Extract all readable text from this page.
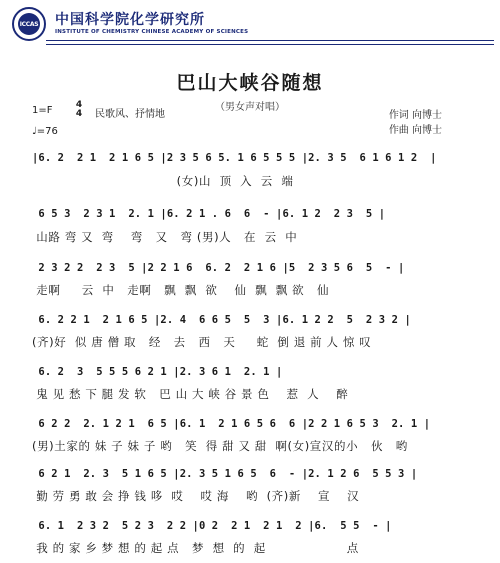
ICCAS 中国科学院化学研究所
INSTITUTE OF CHEMISTRY CHINESE ACADEMY OF SCIENCES
巴山大峡谷随想
（男女声对唱）
1=F	4
4 民歌风、抒情地
♩=76
作词 向博士
作曲 向博士
|6. 2  2 1  2 1 6 5 |2 3 5 6 5. 1 6 5 5 5 |2. 3 5  6 1 6 1 2  |
(女)山  顶  入  云  端
6 5 3  2 3 1  2. 1 |6. 2 1 . 6  6  - |6. 1 2  2 3  5 |
山路 弯 又  弯    弯   又   弯 (男)人   在  云  中
2 3 2 2  2 3  5 |2 2 1 6  6. 2  2 1 6 |5  2 3 5 6  5  - |
走啊     云  中   走啊   飘  飘  欲    仙  飘  飘 欲   仙
6. 2 2 1  2 1 6 5 |2. 4  6 6 5  5  3 |6. 1 2 2  5  2 3 2 |
(齐)好  似 唐 僧 取   经   去   西   天     蛇  倒 退 前 人 惊 叹
6. 2  3  5 5 5 6 2 1 |2. 3 6 1  2. 1 |
鬼 见 愁 下 腿 发 软   巴 山 大 峡 谷 景 色    惹  人    醉
6 2 2  2. 1 2 1  6 5 |6. 1  2 1 6 5 6  6 |2 2 1 6 5 3  2. 1 |
(男)土家的 妹 子 妹 子 哟   笑  得 甜 又 甜  啊(女)宣汉的小   伙   哟
6 2 1  2. 3  5 1 6 5 |2. 3 5 1 6 5  6  - |2. 1 2 6  5 5 3 |
勤 劳 勇 敢 会 挣 钱 哆  哎    哎 海    哟  (齐)新    宣    汉
6. 1  2 3 2  5 2 3  2 2 |0 2  2 1  2 1  2 |6.  5 5  - |
我 的 家 乡 梦 想 的 起 点   梦  想  的  起                   点
